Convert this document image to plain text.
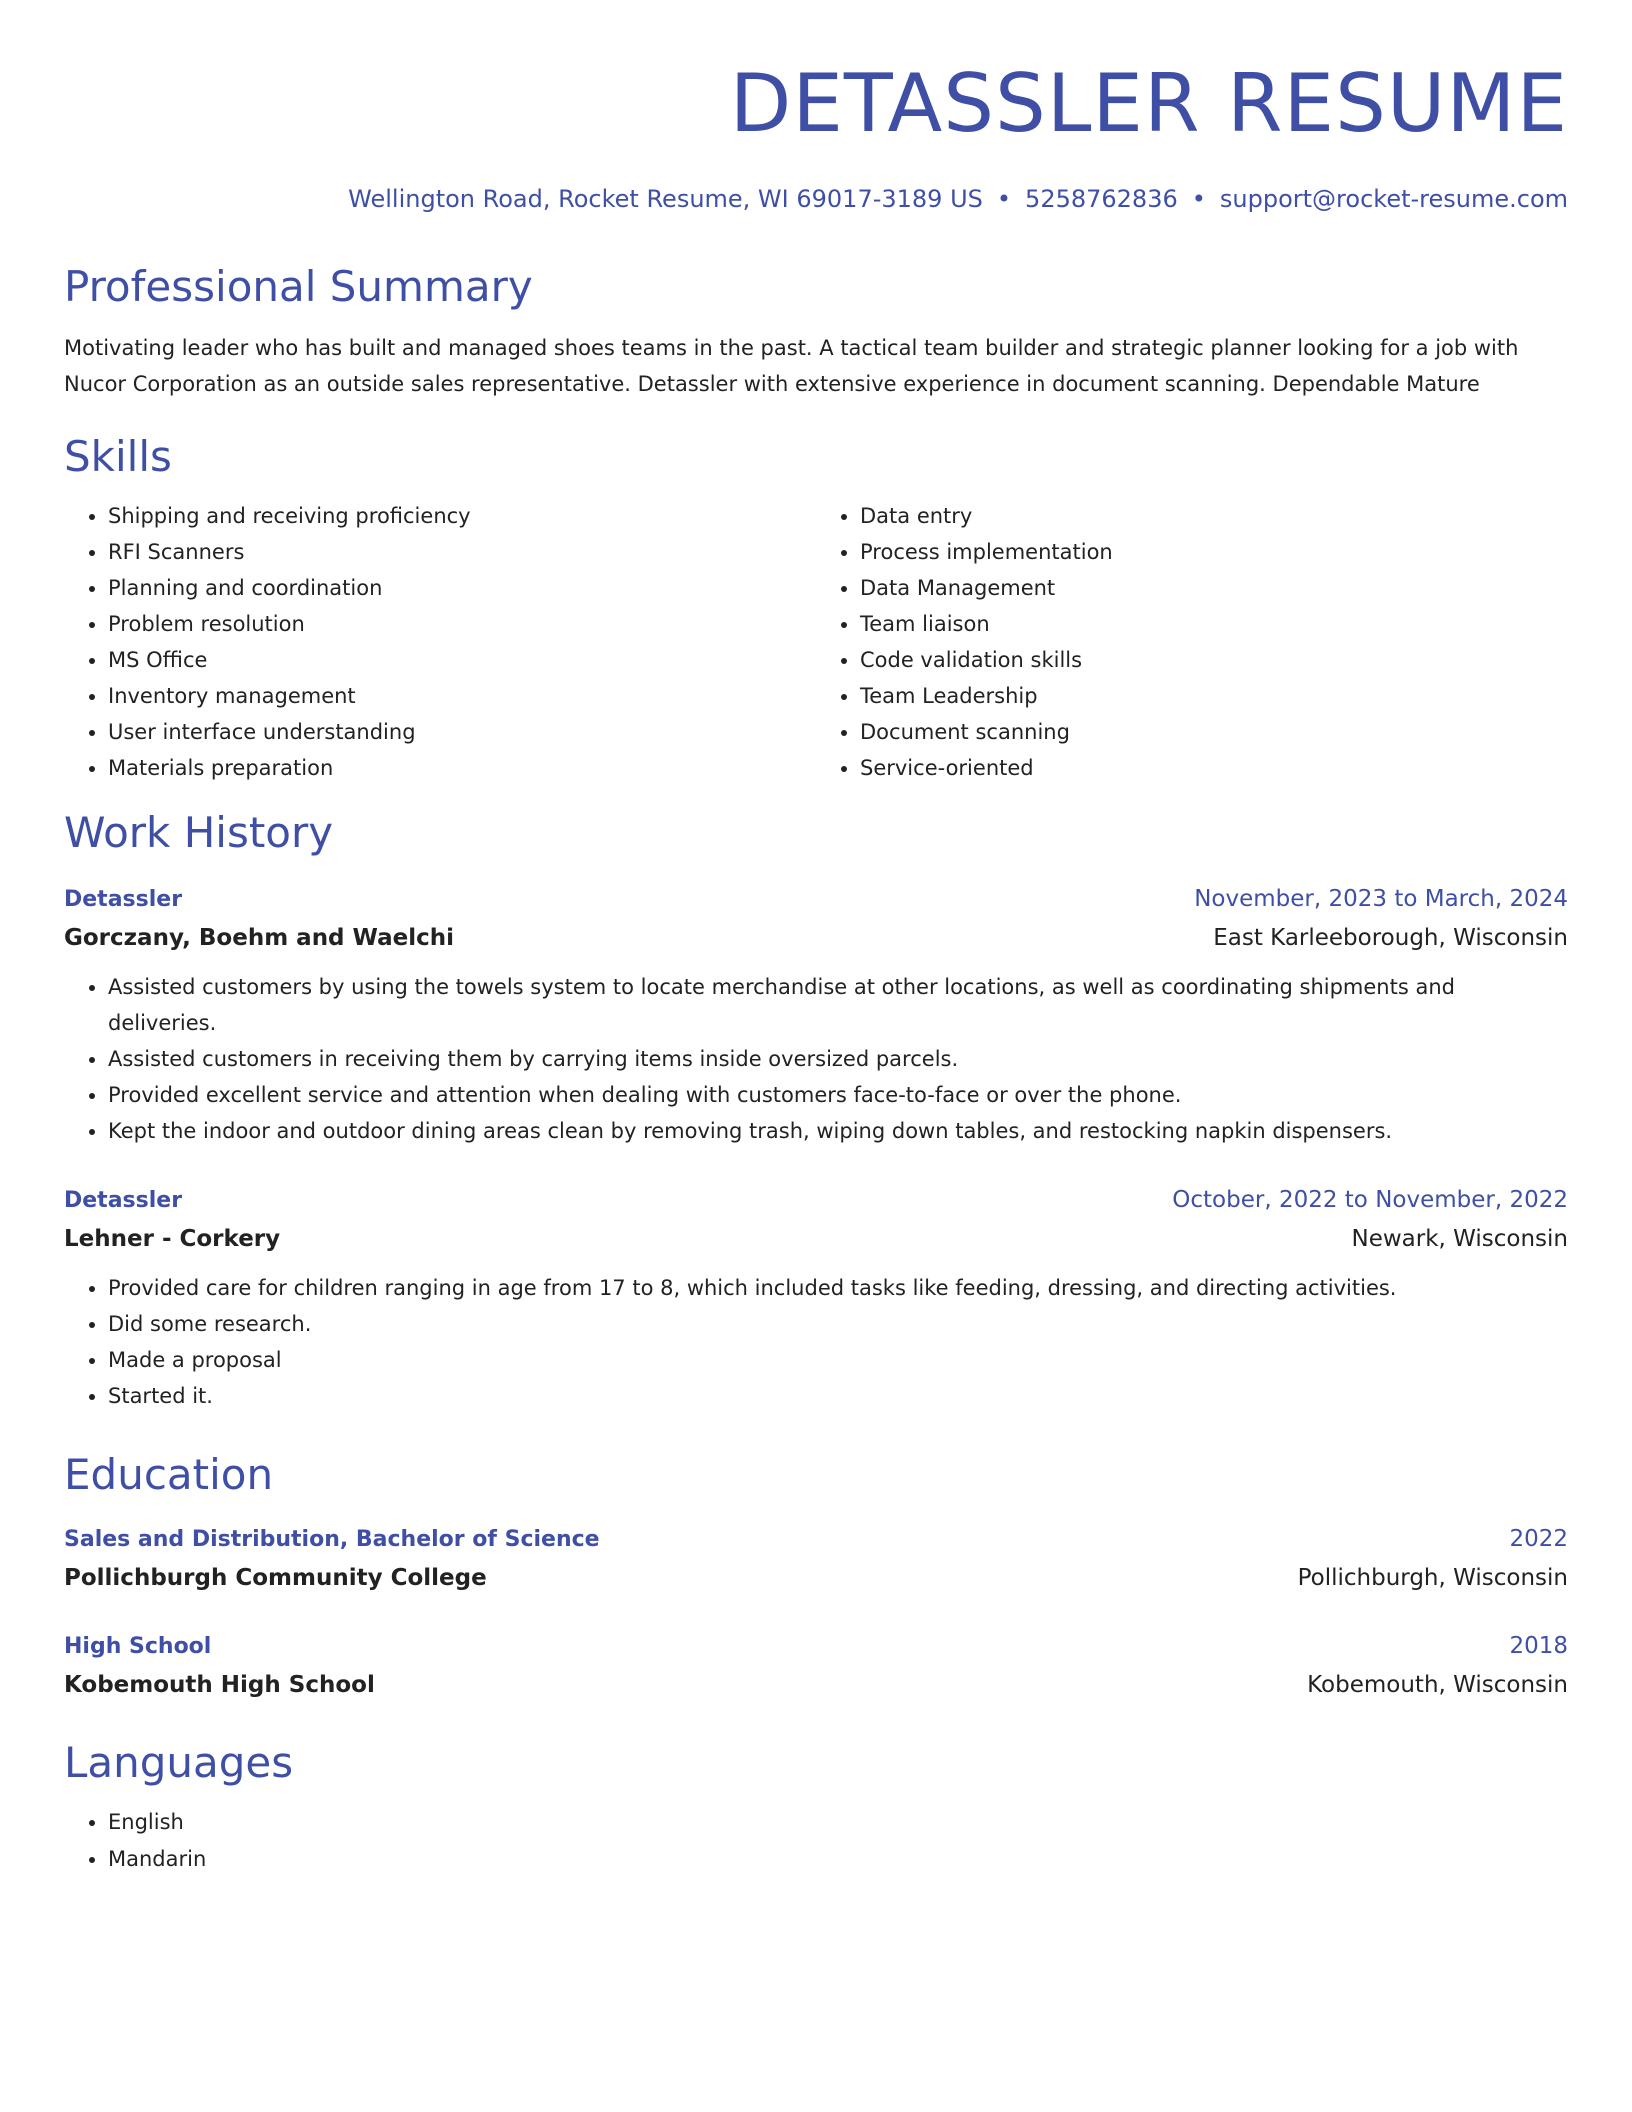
DETASSLER RESUME
Wellington Road, Rocket Resume, WI 69017-3189 US • 5258762836 • support@rocket-resume.com
Professional Summary
Motivating leader who has built and managed shoes teams in the past. A tactical team builder and strategic planner looking for a job with Nucor Corporation as an outside sales representative. Detassler with extensive experience in document scanning. Dependable Mature
Skills
• Shipping and receiving proficiency
• RFI Scanners
• Planning and coordination
• Problem resolution
• MS Office
• Inventory management
• User interface understanding
• Materials preparation
• Data entry
• Process implementation
• Data Management
• Team liaison
• Code validation skills
• Team Leadership
• Document scanning
• Service-oriented
Work History
Detassler	November, 2023 to March, 2024
Gorczany, Boehm and Waelchi	East Karleeborough, Wisconsin
• Assisted customers by using the towels system to locate merchandise at other locations, as well as coordinating shipments and deliveries.
• Assisted customers in receiving them by carrying items inside oversized parcels.
• Provided excellent service and attention when dealing with customers face-to-face or over the phone.
• Kept the indoor and outdoor dining areas clean by removing trash, wiping down tables, and restocking napkin dispensers.
Detassler	October, 2022 to November, 2022
Lehner - Corkery	Newark, Wisconsin
• Provided care for children ranging in age from 17 to 8, which included tasks like feeding, dressing, and directing activities.
• Did some research.
• Made a proposal
• Started it.
Education
Sales and Distribution, Bachelor of Science	2022
Pollichburgh Community College	Pollichburgh, Wisconsin
High School	2018
Kobemouth High School	Kobemouth, Wisconsin
Languages
• English
• Mandarin
